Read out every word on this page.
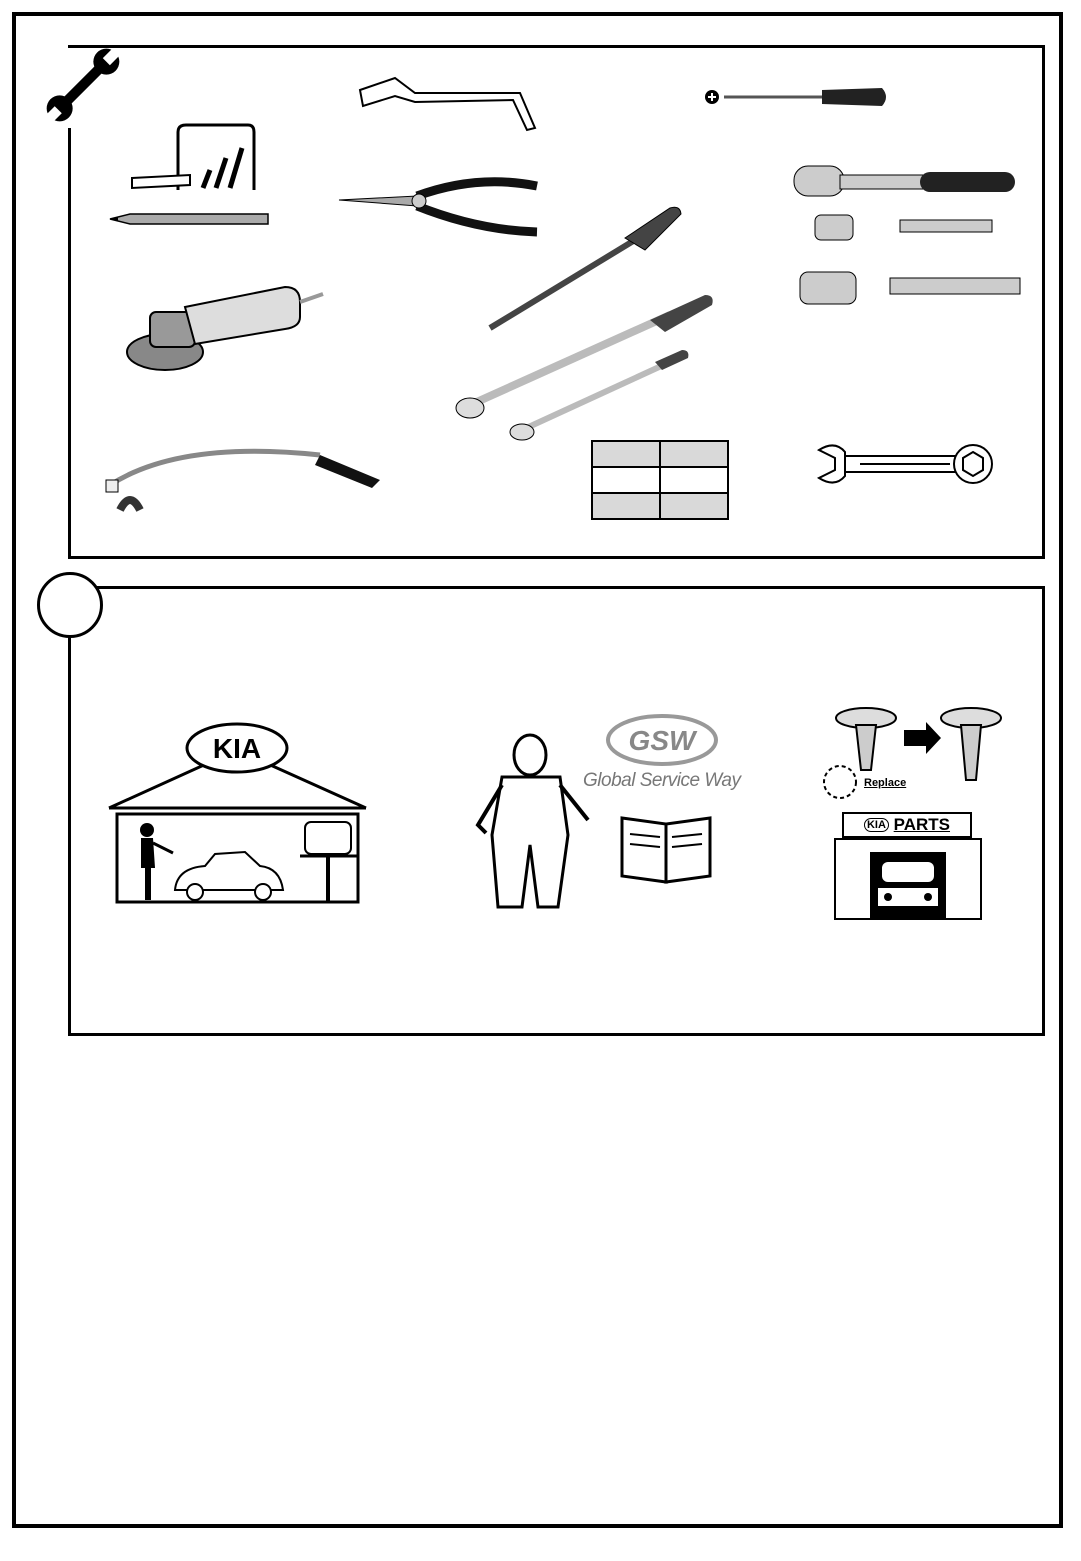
KIA	GSW
Global Service Way	Replace
KIA PARTS
